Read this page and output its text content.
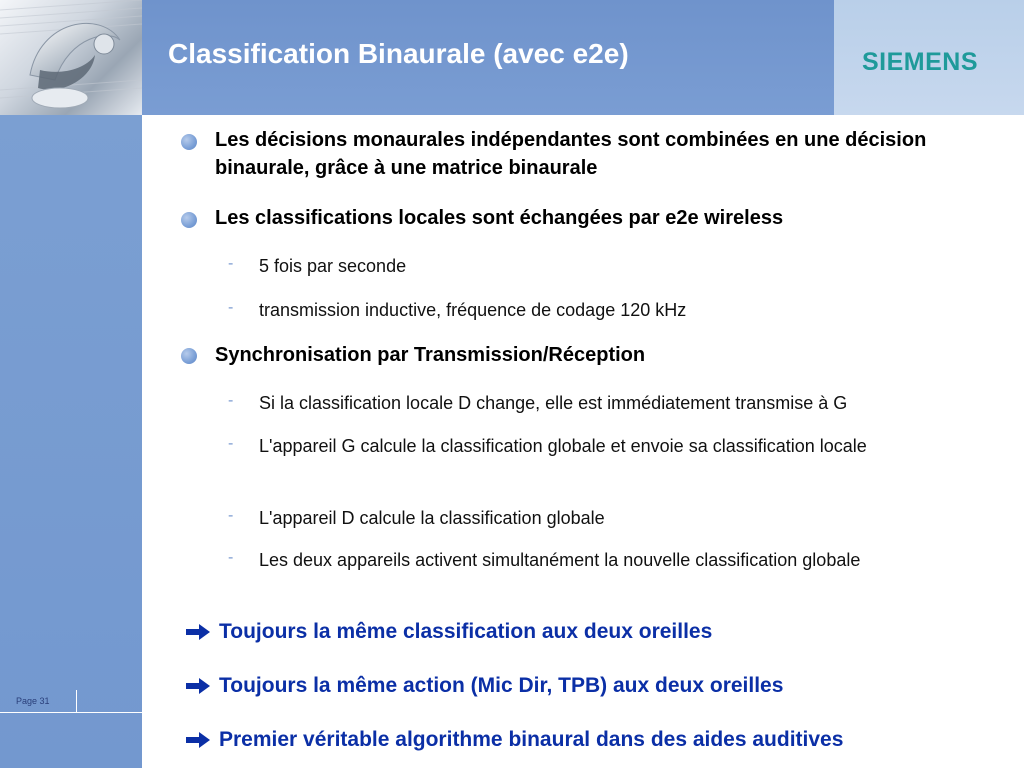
Classification Binaurale (avec e2e)	SIEMENS
Page 31
Les décisions monaurales indépendantes sont combinées en une décision binaurale, grâce à une matrice binaurale
Les classifications locales sont échangées par e2e wireless
- 5 fois par seconde
- transmission inductive, fréquence de codage 120 kHz
Synchronisation par Transmission/Réception
- Si la classification locale D change, elle est immédiatement transmise à G
- L'appareil G calcule la classification globale et envoie sa classification locale
- L'appareil D calcule la classification globale
- Les deux appareils activent simultanément la nouvelle classification globale
Toujours la même classification aux deux oreilles
Toujours la même action (Mic Dir, TPB) aux deux oreilles
Premier véritable algorithme binaural dans des aides auditives
